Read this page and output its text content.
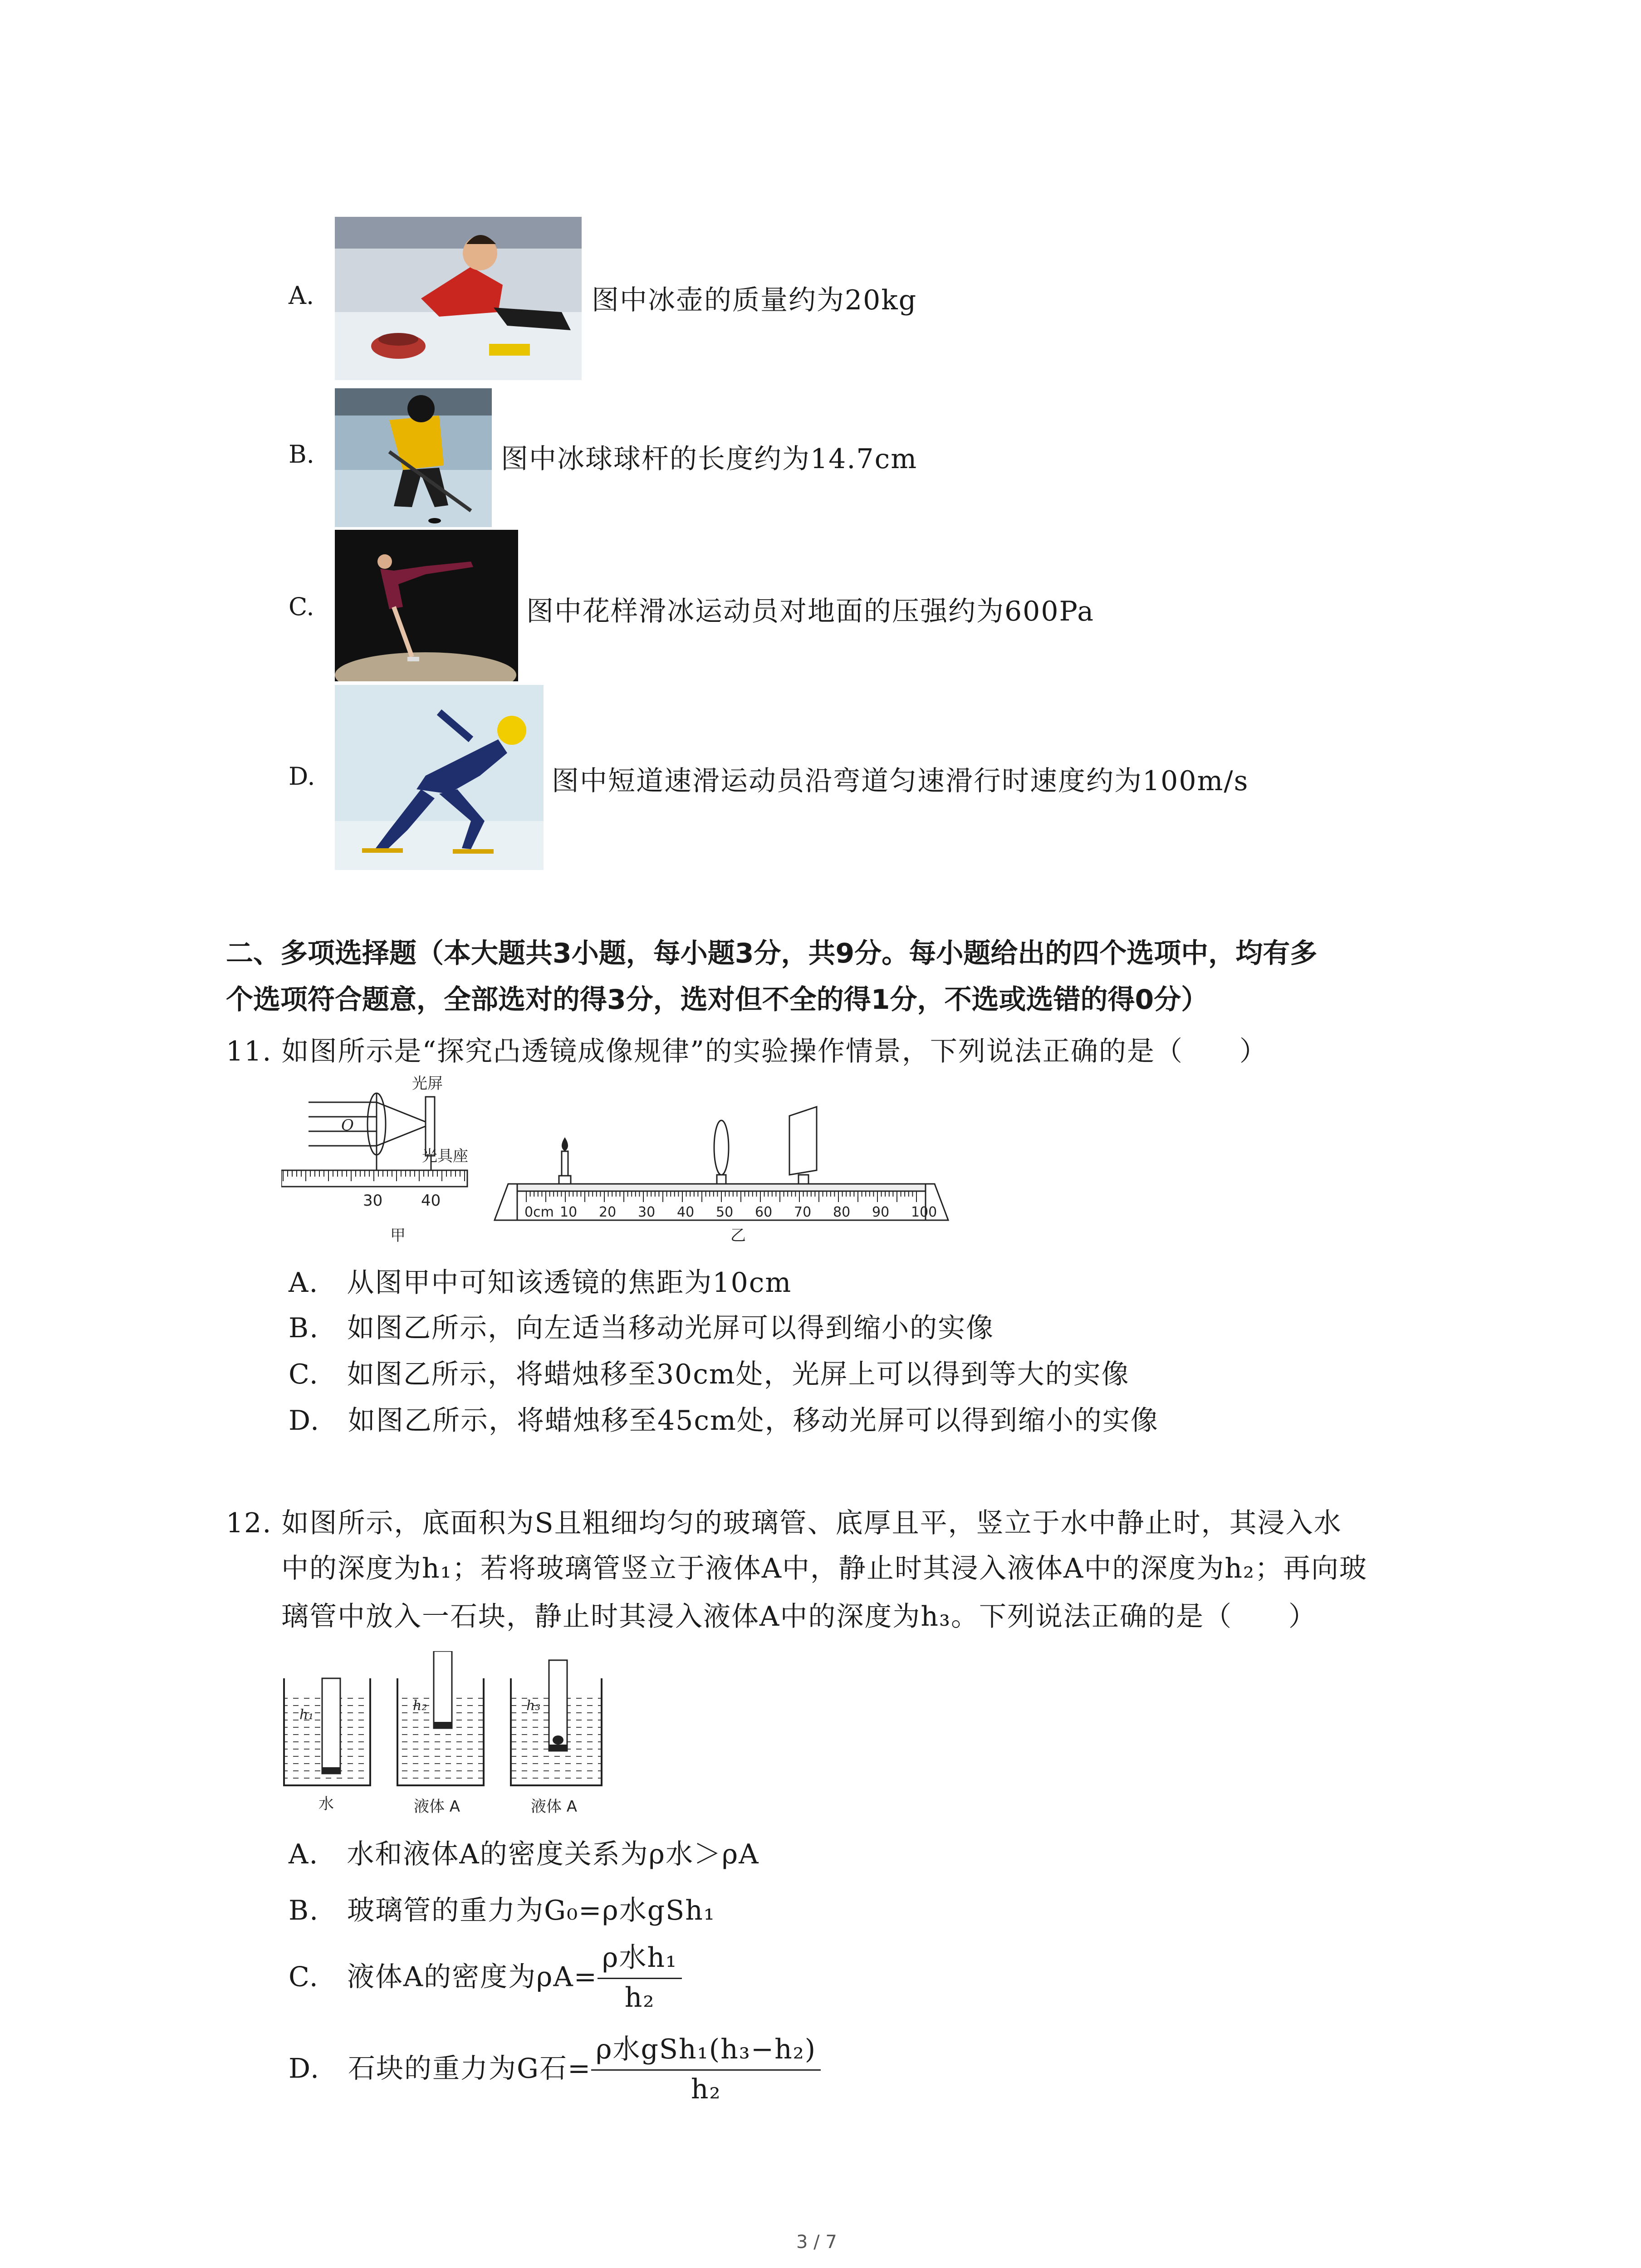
A.	图中冰壶的质量约为20kg
B.	图中冰球球杆的长度约为14.7cm
C.	图中花样滑冰运动员对地面的压强约为600Pa
D.	图中短道速滑运动员沿弯道匀速滑行时速度约为100m/s
二、多项选择题（本大题共3小题，每小题3分，共9分。每小题给出的四个选项中，均有多
个选项符合题意，全部选对的得3分，选对但不全的得1分，不选或选错的得0分）
11. 如图所示是“探究凸透镜成像规律”的实验操作情景，下列说法正确的是（　　）
O
光屏
光具座
30 40
甲
0cm 10 20 30 40 50 60 70 80 90 100
乙
A.　从图甲中可知该透镜的焦距为10cm
B.　如图乙所示，向左适当移动光屏可以得到缩小的实像
C.　如图乙所示，将蜡烛移至30cm处，光屏上可以得到等大的实像
D.　如图乙所示，将蜡烛移至45cm处，移动光屏可以得到缩小的实像
12. 如图所示，底面积为S且粗细均匀的玻璃管、底厚且平，竖立于水中静止时，其浸入水
中的深度为h₁；若将玻璃管竖立于液体A中，静止时其浸入液体A中的深度为h₂；再向玻
璃管中放入一石块，静止时其浸入液体A中的深度为h₃。下列说法正确的是（　　）
h₁
水
h₂
液体 A
h₃
液体 A
A.　水和液体A的密度关系为ρ水＞ρA
B.　玻璃管的重力为G₀=ρ水gSh₁
C.　液体A的密度为$\rho A= \frac{\text{ρ水h₁}}{\text{h₂}}$
D.　石块的重力为G石= $\frac{\text{ρ水gSh₁(h₃−h₂)}}{\text{h₂}}$
3 / 7
